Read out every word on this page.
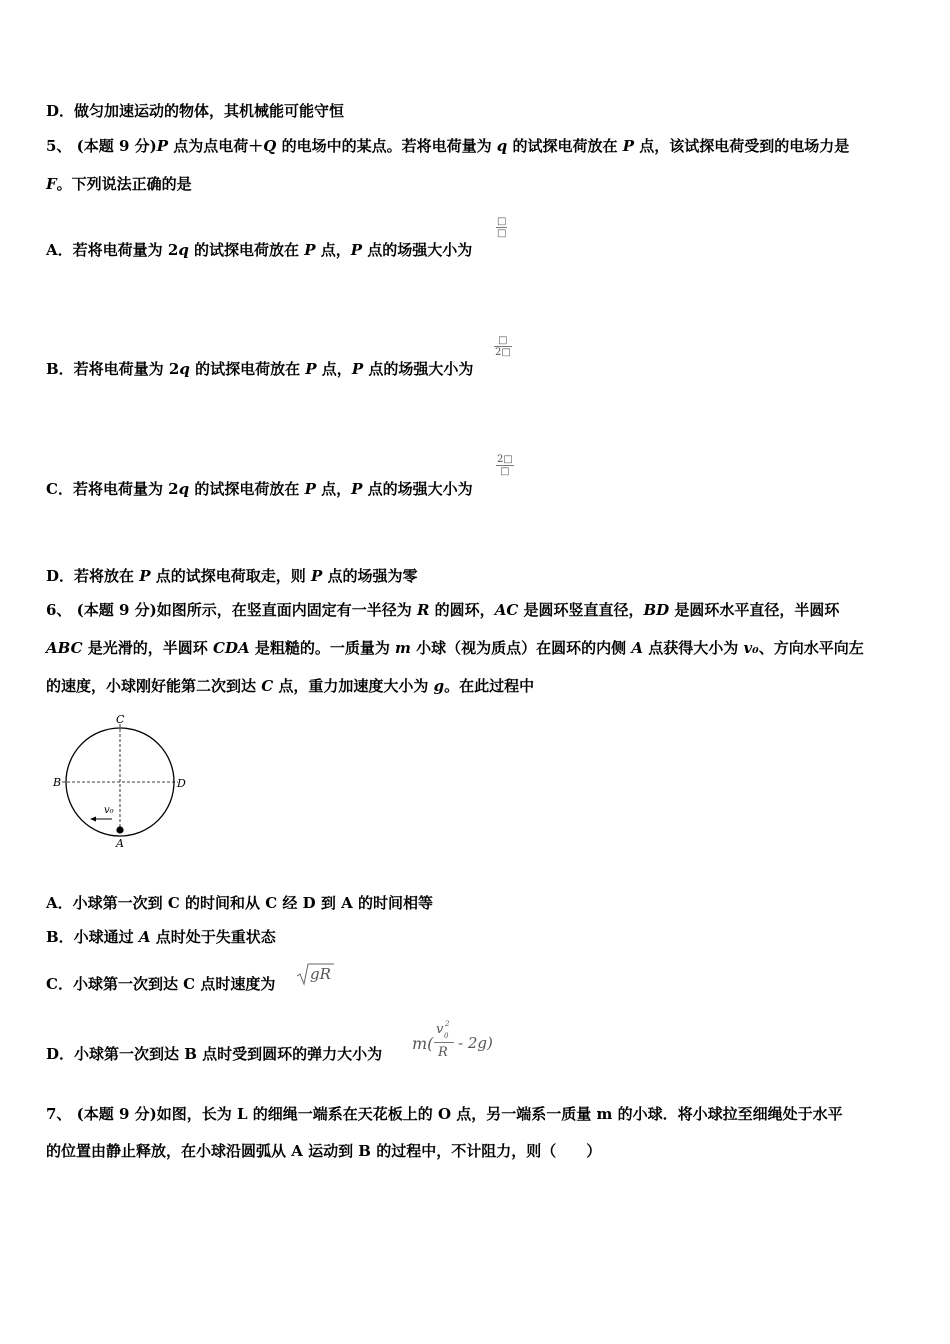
D．做匀加速运动的物体，其机械能可能守恒
5、 (本题 9 分)P 点为点电荷＋Q 的电场中的某点。若将电荷量为 q 的试探电荷放在 P 点，该试探电荷受到的电场力是
F。下列说法正确的是
A．若将电荷量为 2q 的试探电荷放在 P 点，P 点的场强大小为
□
□
B．若将电荷量为 2q 的试探电荷放在 P 点，P 点的场强大小为
□
2□
C．若将电荷量为 2q 的试探电荷放在 P 点，P 点的场强大小为
2□
□
D．若将放在 P 点的试探电荷取走，则 P 点的场强为零
6、 (本题 9 分)如图所示，在竖直面内固定有一半径为 R 的圆环，AC 是圆环竖直直径，BD 是圆环水平直径，半圆环
ABC 是光滑的，半圆环 CDA 是粗糙的。一质量为 m 小球（视为质点）在圆环的内侧 A 点获得大小为 v₀、方向水平向左
的速度，小球刚好能第二次到达 C 点，重力加速度大小为 g。在此过程中
C
B	D
A
v₀
A．小球第一次到 C 的时间和从 C 经 D 到 A 的时间相等
B．小球通过 A 点时处于失重状态
C．小球第一次到达 C 点时速度为
gR
D．小球第一次到达 B 点时受到圆环的弹力大小为
m(
v 2
0
R
- 2g)
7、 (本题 9 分)如图，长为 L 的细绳一端系在天花板上的 O 点，另一端系一质量 m 的小球．将小球拉至细绳处于水平
的位置由静止释放，在小球沿圆弧从 A 运动到 B 的过程中，不计阻力，则（　　）
